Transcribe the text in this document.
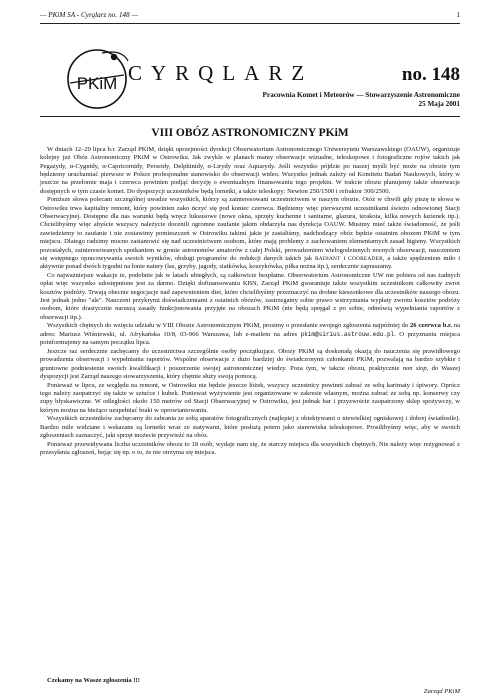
— PKiM SA - Cyrqlarz no. 148 —	1
PKiM CYRQLARZ	no. 148
Pracownia Komet i Meteorów — Stowarzyszenie Astronomiczne
25 Maja 2001
VIII OBÓZ ASTRONOMICZNY PKiM

W dniach 12–29 lipca b.r. Zarząd PKiM, dzięki uprzejmości dyrekcji Obserwatorium Astronomicznego Uniwersytetu Warszawskiego (OAUW), organizuje kolejny już Obóz Astronomiczny PKiM w Ostrowiku. Jak zwykle w planach mamy obserwacje wizualne, teleskopowe i fotograficzne rojów takich jak Pegazydy, α-Cygnidy, α-Capricornidy, Perseidy, Delphinidy, α-Lirydy oraz Aquarydy. Jeśli wszystko pójdzie po naszej myśli być może na obozie tym będziemy uruchamiać pierwsze w Polsce profesjonalne stanowisko do obserwacji wideo. Wszystko jednak zależy od Komitetu Badań Naukowych, który w jeszcze na przełomie maja i czerwca powinien podjąć decyzję o ewentualnym finansowaniu tego projektu. W trakcie obozu planujemy także obserwacje dostępnych w tym czasie komet. Do dyspozycji uczestników będą lornetki, a także teleskopy: Newton 250/1500 i refraktor 300/2500.

Poniższe słowa polecam szczególnej uwadze wszystkich, którzy są zainteresowani uczestnictwem w naszym obozie. Otóż w chwili gdy piszę te słowa w Ostrowiku trwa kapitalny remont, który powinien zako ńczyć się pod koniec czerwca. Będziemy więc pierwszymi uczestnikami świeżo odnowionej Stacji Obserwacyjnej. Dostępne dla nas warunki będą wręcz luksusowe (nowe okna, sprzęty kuchenne i sanitarne, glazura, terakota, kilka nowych łazienek itp.). Chcielibyśmy więc abyście wszyscy należycie docenili ogromne zaufanie jakim obdarzyła nas dyrekcja OAUW. Musimy mieć także świadomość, że jeśli zawiedziemy to zaufanie i nie zostawimy pomieszczeń w Ostrowiku takimi jakie je zastaliśmy, nadchodzący obóz będzie ostatnim obozem PKiM w tym miejscu. Dlatego radzimy mocno zastanowić się nad uczestnictwem osobom, które mają problemy z zachowaniem elementarnych zasad higieny. Wszystkich pozostałych, zainteresowanych spotkaniem w gronie astronomów amatorów z całej Polski, prowadzeniem wielogodzinnych nocnych obserwacji, nauczeniem się wstępnego opracowywania swoich wyników, obsługi programów do redukcji danych takich jak RADIANT i COOREADER, a także spędzeniem miło i aktywnie ponad dwóch tygodni na łonie natury (las, grzyby, jagody, siatkówka, koszykówka, piłka nożna itp.), serdecznie zapraszamy.

Co najważniejsze wakacje te, podobnie jak w latach ubiegłych, są całkowicie bezpłatne. Obserwatorium Astronomiczne UW nie pobiera od nas żadnych opłat więc wszystko udostępnione jest za darmo. Dzięki dofinansowaniu KBN, Zarząd PKiM gwarantuje także wszystkim uczestnikom całkowity zwrot kosztów podróży. Trwają obecnie negocjacje nad zapewnieniem diet, które chcielibyśmy przeznaczyć na drobne kieszonkowe dla uczestników naszego obozu. Jest jednak jedno "ale". Nauczeni przykrymi doświadczeniami z ostatnich obozów, zastrzegamy sobie prawo wstrzymania wypłaty zwrotu kosztów podróży osobom, które drastycznie naruszą zasady funkcjonowania przyjęte na obozach PKiM (nie będą spręgał z po sobie, odmówią wypełniania raportów z obserwacji itp.).

Wszystkich chętnych do wzięcia udziału w VIII Obozie Astronomicznym PKiM, prosimy o przesłanie swojego zgłoszenia najpóźniej do 26 czerwca b.r. na adres: Mariusz Wiśniewski, ul. Afrykańska 10/8, 03-966 Warszawa, lub e-mailem na adres pkim@sirius.astrouw.edu.pl. O przyznaniu miejsca poinformujemy na samym początku lipca.

Jeszcze raz serdecznie zachęcamy do uczestnictwa szczególnie osoby początkujące. Obozy PKiM są doskonałą okazją do nauczenia się prawidłowego prowadzenia obserwacji i wypełniania raportów. Wspólne obserwacje z dużo bardziej do świadczonymi członkami PKiM, pozwalają na bardzo szybkie i gruntowne podniesienie swoich kwalifikacji i poszerzenie swojej astronomicznej wiedzy. Poza tym, w takcie obozu, praktycznie non stop, do Waszej dyspozycji jest Zarząd naszego stowarzyszenia, który chętnie służy swoją pomocą.

Ponieważ w lipcu, ze względu na remont, w Ostrowiku nie będzie jeszcze łóżek, wszyscy uczestnicy powinni zabrać ze sobą karimaty i śpiwory. Oprócz tego należy zaopatrzyć się także w sztućce i kubek. Ponieważ wyżywienie jest organizowane w zakresie własnym, można zabrać ze sobą np. konserwy czy zupy błyskawiczne. W odległości około 150 metrów od Stacji Obserwacyjnej w Ostrowiku, jest jednak bar i przyzwoicie zaopatrzony sklep spożywczy, w którym można na bieżąco uzupełniać braki w oprowiantowaniu.

Wszystkich uczestników zachęcamy do zabrania ze sobą aparatów fotograficznych (najlepiej z obiektywami o niewielkiej ogniskowej i dobrej światłosile). Bardzo mile widziane i wskazane są lornetki wraz ze statywami, które posłużą potem jako stanowiska teleskopowe. Prosilibyśmy więc, aby w swoich zgłoszeniach zaznaczyć, jaki sprzęt możecie przywieźć na obóz.

Ponieważ przewidywana liczba uczestników obozu to 18 osób, wydaje nam się, że starczy miejsca dla wszystkich chętnych. Nie należy więc rezygnować z przesyłania zgłoszeń, bojąc się np. o to, że nie otrzyma się miejsca.

Czekamy na Wasze zgłoszenia !!!
Zarząd PKiM
